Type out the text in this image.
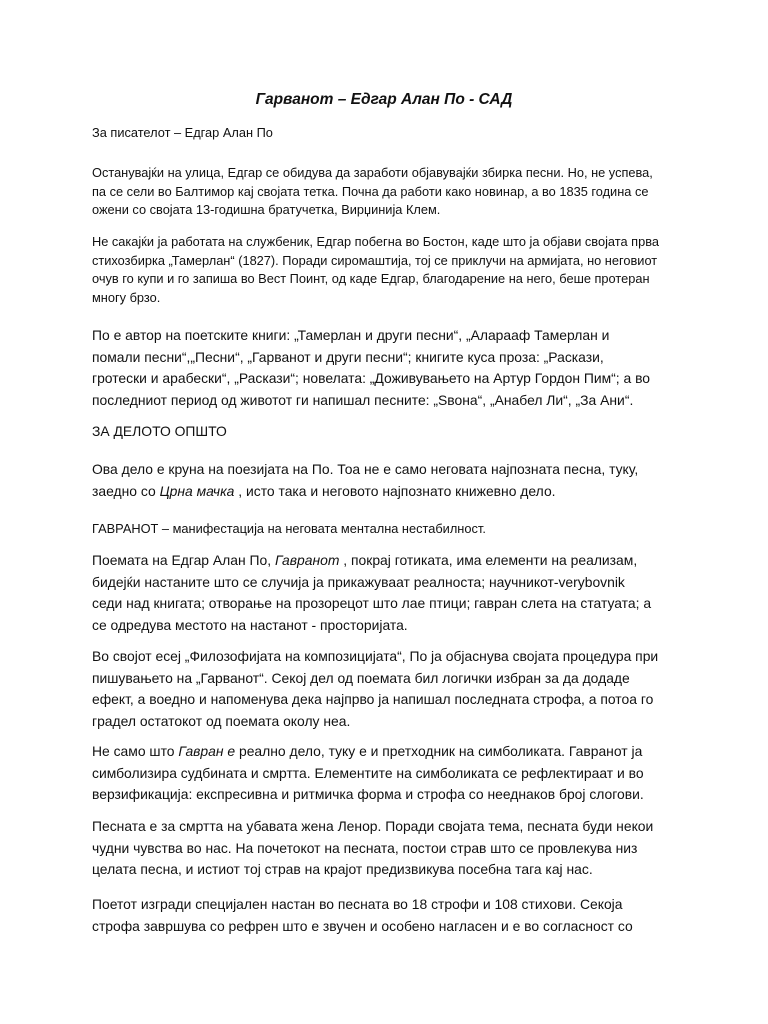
Гарванот – Едгар Алан По - САД

За писателот – Едгар Алан По

Останувајќи на улица, Едгар се обидува да заработи објавувајќи збирка песни. Но, не успева,
па се сели во Балтимор кај својата тетка. Почна да работи како новинар, а во 1835 година се
ожени со својата 13-годишна братучетка, Вирџинија Клем.
Не сакајќи ја работата на службеник, Едгар побегна во Бостон, каде што ја објави својата прва
стихозбирка „Тамерлан“ (1827). Поради сиромаштија, тој се приклучи на армијата, но неговиот
очув го купи и го запиша во Вест Поинт, од каде Едгар, благодарение на него, беше протеран
многу брзо.
По е автор на поетските книги: „Тамерлан и други песни“, „Алараaф Тамерлан и
помали песни“,„Песни“, „Гарванот и други песни“; книгите куса проза: „Раскази,
гротески и арабески“, „Раскази“; новелата: „Доживувањето на Артур Гордон Пим“; а во
последниот период од животот ги напишал песните: „Ѕвона“, „Анабел Ли“, „За Ани“.

ЗА ДЕЛОТО ОПШТО

Ова дело е круна на поезијата на По. Тоа не е само неговата најпозната песна, туку,
заедно со Црна мачка , исто така и неговото најпознато книжевно дело.

ГАВРАНОТ – манифестација на неговата ментална нестабилност.

Поемата на Едгар Алан По, Гавранот , покрај готиката, има елементи на реализам,
бидејќи настаните што се случија ја прикажуваат реалноста; научникот-verуbovnik
седи над книгата; отворање на прозорецот што лае птици; гавран слета на статуата; а
се одредува местото на настанот - просторијата.
Во својот есеј „Филозофијата на композицијата“, По ја објаснува својата процедура при
пишувањето на „Гарванот“. Секој дел од поемата бил логички избран за да додаде
ефект, а воедно и напоменува дека најпрво ја напишал последната строфа, а потоа го
градел остатокот од поемата околу неа.
Не само што Гавран е реално дело, туку е и претходник на симболиката. Гавранот ја
симболизира судбината и смртта. Елементите на симболиката се рефлектираат и во
верзификацијa: експресивна и ритмичка форма и строфа со нееднаков број слогови.
Песната е за смртта на убавата жена Ленор. Поради својата тема, песната буди некои
чудни чувства во нас. На почетокот на песната, постои страв што се провлекува низ
целата песна, и истиот тој страв на крајот предизвикува посебна тага кај нас.
Поетот изгради специјален настан во песната во 18 строфи и 108 стихови. Секоја
строфа завршува со рефрен што е звучен и особено нагласен и е во согласност со
